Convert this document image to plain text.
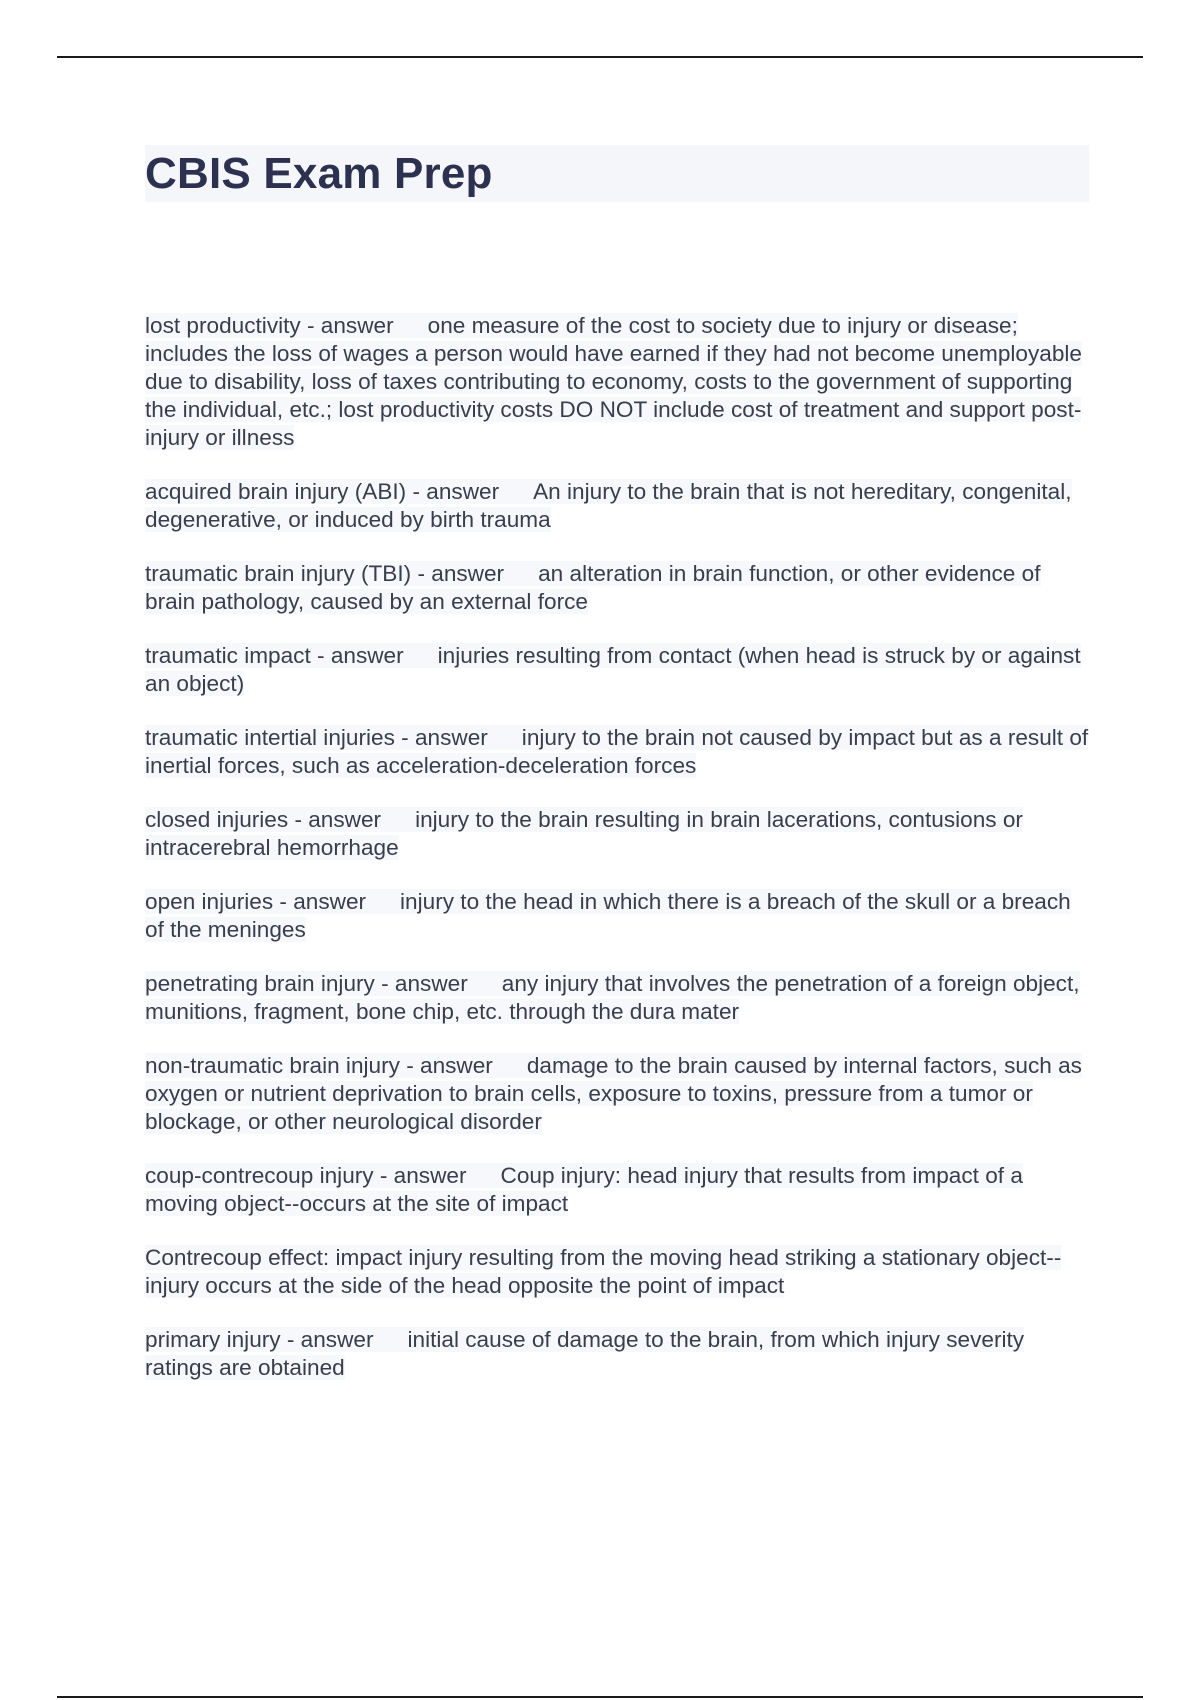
CBIS Exam Prep

lost productivity - answer one measure of the cost to society due to injury or disease; includes the loss of wages a person would have earned if they had not become unemployable due to disability, loss of taxes contributing to economy, costs to the government of supporting the individual, etc.; lost productivity costs DO NOT include cost of treatment and support post-injury or illness

acquired brain injury (ABI) - answer An injury to the brain that is not hereditary, congenital, degenerative, or induced by birth trauma

traumatic brain injury (TBI) - answer an alteration in brain function, or other evidence of brain pathology, caused by an external force

traumatic impact - answer injuries resulting from contact (when head is struck by or against an object)

traumatic intertial injuries - answer injury to the brain not caused by impact but as a result of inertial forces, such as acceleration-deceleration forces

closed injuries - answer injury to the brain resulting in brain lacerations, contusions or intracerebral hemorrhage

open injuries - answer injury to the head in which there is a breach of the skull or a breach of the meninges

penetrating brain injury - answer any injury that involves the penetration of a foreign object, munitions, fragment, bone chip, etc. through the dura mater

non-traumatic brain injury - answer damage to the brain caused by internal factors, such as oxygen or nutrient deprivation to brain cells, exposure to toxins, pressure from a tumor or blockage, or other neurological disorder

coup-contrecoup injury - answer Coup injury: head injury that results from impact of a moving object--occurs at the site of impact

Contrecoup effect: impact injury resulting from the moving head striking a stationary object--injury occurs at the side of the head opposite the point of impact

primary injury - answer initial cause of damage to the brain, from which injury severity ratings are obtained
